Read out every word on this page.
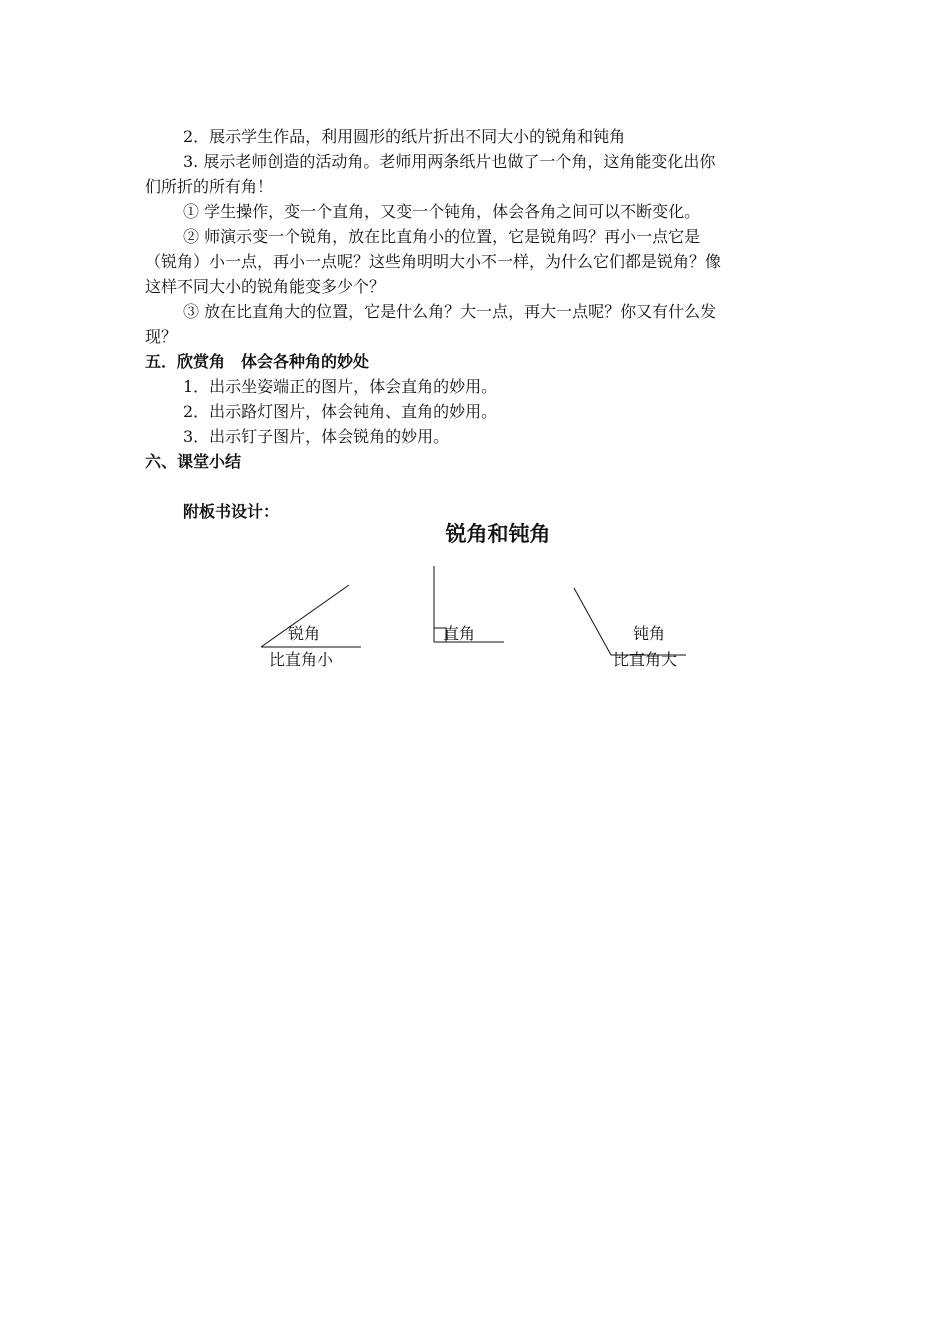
2．展示学生作品，利用圆形的纸片折出不同大小的锐角和钝角
3. 展示老师创造的活动角。老师用两条纸片也做了一个角，这角能变化出你
们所折的所有角！
① 学生操作，变一个直角，又变一个钝角，体会各角之间可以不断变化。
② 师演示变一个锐角，放在比直角小的位置，它是锐角吗？再小一点它是
（锐角）小一点，再小一点呢？这些角明明大小不一样，为什么它们都是锐角？像
这样不同大小的锐角能变多少个？
③ 放在比直角大的位置，它是什么角？大一点，再大一点呢？你又有什么发
现？
五．欣赏角　体会各种角的妙处
1．出示坐姿端正的图片，体会直角的妙用。
2．出示路灯图片，体会钝角、直角的妙用。
3．出示钉子图片，体会锐角的妙用。
六、课堂小结
附板书设计：
锐角和钝角
锐角
比直角小
直角	钝角
比直角大
